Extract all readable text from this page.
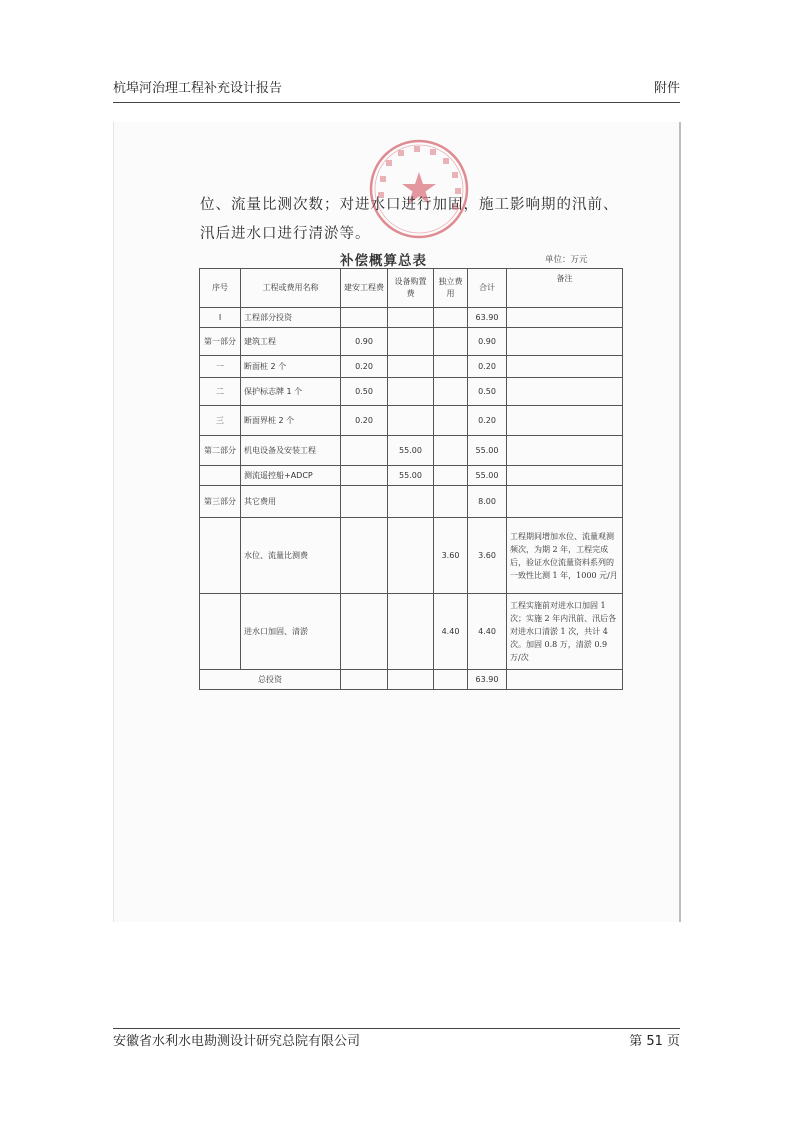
杭埠河治理工程补充设计报告	附件
位、流量比测次数；对进水口进行加固，施工影响期的汛前、
汛后进水口进行清淤等。
补偿概算总表	单位：万元
序号	工程或费用名称	建安工程费	设备购置费	独立费用	合计	备注
I	工程部分投资				63.90	
第一部分	建筑工程	0.90			0.90	
一	断面桩 2 个	0.20			0.20	
二	保护标志牌 1 个	0.50			0.50	
三	断面界桩 2 个	0.20			0.20	
第二部分	机电设备及安装工程		55.00		55.00	
	测流遥控船+ADCP		55.00		55.00	
第三部分	其它费用				8.00	
	水位、流量比测费			3.60	3.60	工程期间增加水位、流量观测频次，为期 2 年，工程完成后，验证水位流量资料系列的一致性比测 1 年，1000 元/月
	进水口加固、清淤			4.40	4.40	工程实施前对进水口加固 1 次；实施 2 年内汛前、汛后各对进水口清淤 1 次，共计 4 次。加固 0.8 万，清淤 0.9 万/次
总投资					63.90	
安徽省水利水电勘测设计研究总院有限公司	第 51 页
